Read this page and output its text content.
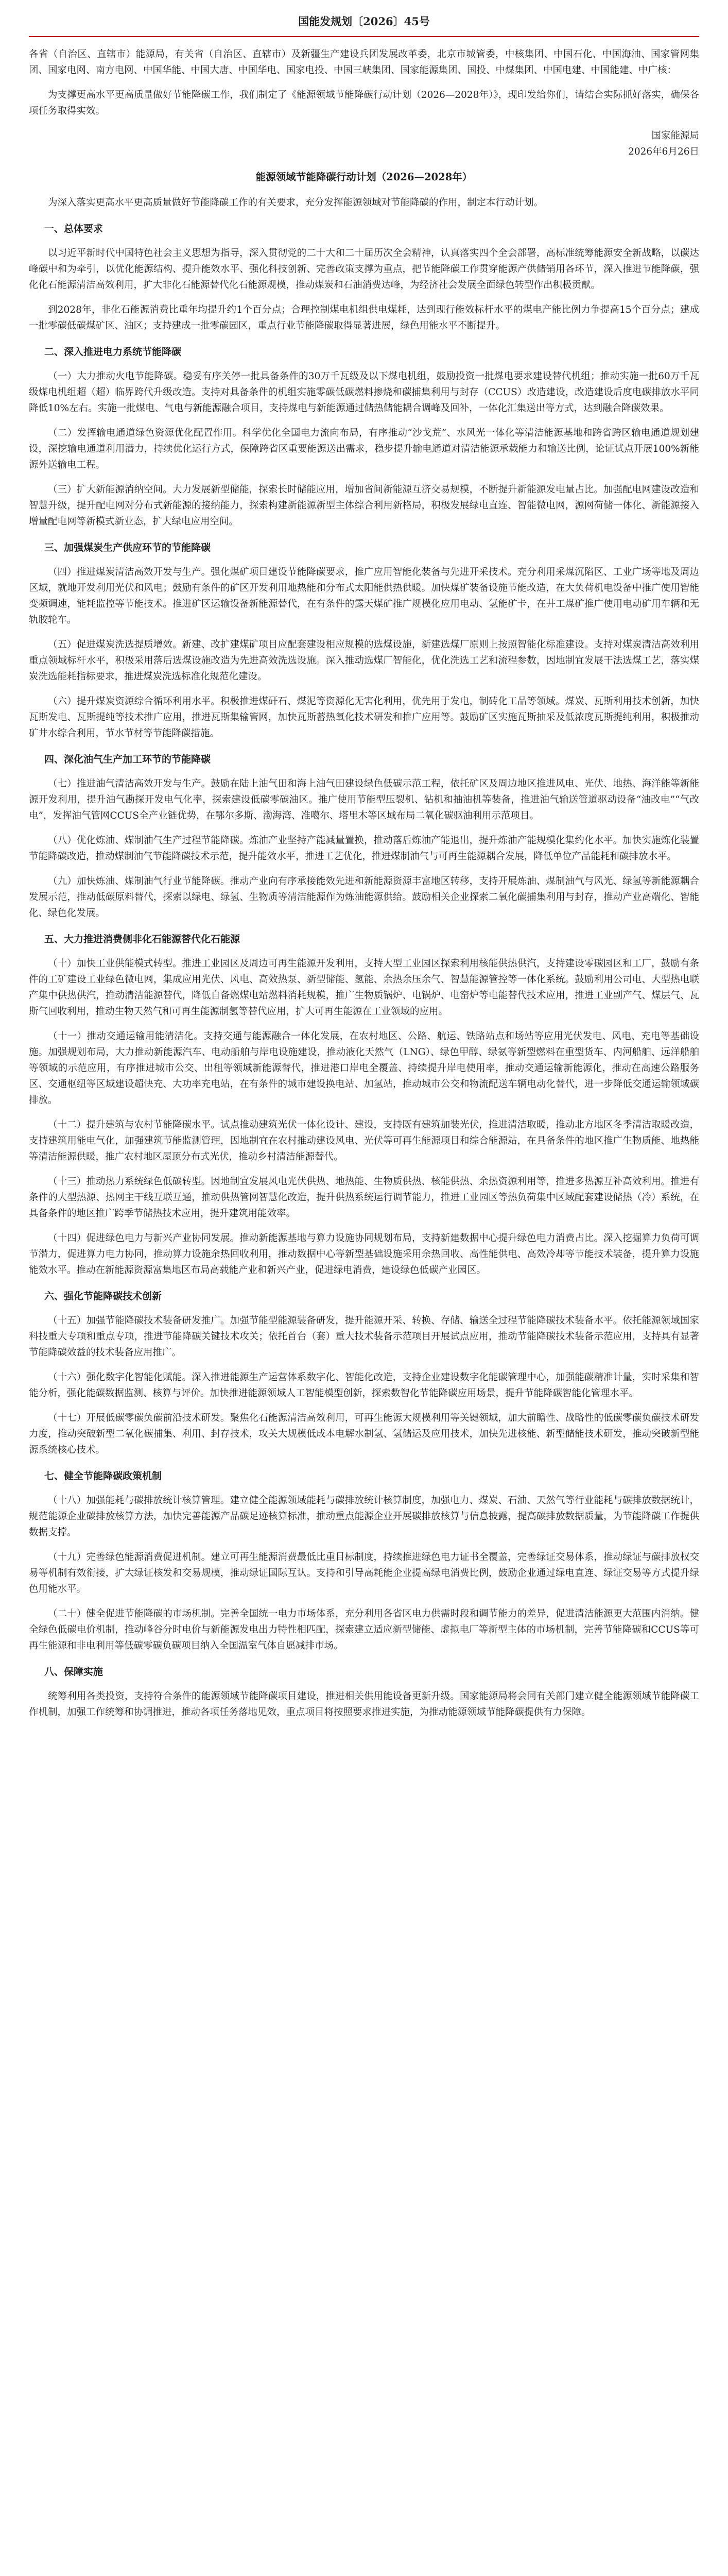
国能发规划〔2026〕45号

各省（自治区、直辖市）能源局，有关省（自治区、直辖市）及新疆生产建设兵团发展改革委，北京市城管委，中核集团、中国石化、中国海油、国家管网集团、国家电网、南方电网、中国华能、中国大唐、中国华电、国家电投、中国三峡集团、国家能源集团、国投、中煤集团、中国电建、中国能建、中广核：

为支撑更高水平更高质量做好节能降碳工作，我们制定了《能源领域节能降碳行动计划（2026—2028年）》，现印发给你们，请结合实际抓好落实，确保各项任务取得实效。

国家能源局

2026年6月26日

能源领域节能降碳行动计划（2026—2028年）

为深入落实更高水平更高质量做好节能降碳工作的有关要求，充分发挥能源领域对节能降碳的作用，制定本行动计划。

一、总体要求

以习近平新时代中国特色社会主义思想为指导，深入贯彻党的二十大和二十届历次全会精神，认真落实四个全会部署，高标准统筹能源安全新战略，以碳达峰碳中和为牵引，以优化能源结构、提升能效水平、强化科技创新、完善政策支撑为重点，把节能降碳工作贯穿能源产供储销用各环节，深入推进节能降碳，强化化石能源清洁高效利用，扩大非化石能源替代化石能源规模，推动煤炭和石油消费达峰，为经济社会发展全面绿色转型作出积极贡献。

到2028年，非化石能源消费比重年均提升约1个百分点；合理控制煤电机组供电煤耗，达到现行能效标杆水平的煤电产能比例力争提高15个百分点；建成一批零碳低碳煤矿区、油区；支持建成一批零碳园区，重点行业节能降碳取得显著进展，绿色用能水平不断提升。

二、深入推进电力系统节能降碳

（一）大力推动火电节能降碳。稳妥有序关停一批具备条件的30万千瓦级及以下煤电机组，鼓励投资一批煤电要求建设替代机组；推动实施一批60万千瓦级煤电机组超（超）临界跨代升级改造。支持对具备条件的机组实施零碳低碳燃料掺烧和碳捕集利用与封存（CCUS）改造建设，改造建设后度电碳排放水平同降低10%左右。实施一批煤电、气电与新能源融合项目，支持煤电与新能源通过储热储能耦合调峰及回补，一体化汇集送出等方式，达到融合降碳效果。

（二）发挥输电通道绿色资源优化配置作用。科学优化全国电力流向布局，有序推动“沙戈荒”、水风光一体化等清洁能源基地和跨省跨区输电通道规划建设，深挖输电通道利用潜力，持续优化运行方式，保障跨省区重要能源送出需求，稳步提升输电通道对清洁能源承载能力和输送比例，论证试点开展100%新能源外送输电工程。

（三）扩大新能源消纳空间。大力发展新型储能，探索长时储能应用，增加省间新能源互济交易规模，不断提升新能源发电量占比。加强配电网建设改造和智慧升级，提升配电网对分布式新能源的接纳能力，探索构建新能源新型主体综合利用新格局，积极发展绿电直连、智能微电网，源网荷储一体化、新能源接入增量配电网等新模式新业态，扩大绿电应用空间。

三、加强煤炭生产供应环节的节能降碳

（四）推进煤炭清洁高效开发与生产。强化煤矿项目建设节能降碳要求，推广应用智能化装备与先进开采技术。充分利用采煤沉陷区、工业广场等地及周边区域，就地开发利用光伏和风电；鼓励有条件的矿区开发利用地热能和分布式太阳能供热供暖。加快煤矿装备设施节能改造，在大负荷机电设备中推广使用智能变频调速，能耗监控等节能技术。推进矿区运输设备新能源替代，在有条件的露天煤矿推广规模化应用电动、氢能矿卡，在井工煤矿推广使用电动矿用车辆和无轨胶轮车。

（五）促进煤炭洗选提质增效。新建、改扩建煤矿项目应配套建设相应规模的选煤设施，新建选煤厂原则上按照智能化标准建设。支持对煤炭清洁高效利用重点领域标杆水平，积极采用落后选煤设施改造为先进高效洗选设施。深入推动选煤厂智能化，优化洗选工艺和流程参数，因地制宜发展干法选煤工艺，落实煤炭洗选能耗指标要求，推进煤炭洗选标准化规范化建设。

（六）提升煤炭资源综合循环利用水平。积极推进煤矸石、煤泥等资源化无害化利用，优先用于发电，制砖化工品等领域。煤炭、瓦斯利用技术创新，加快瓦斯发电、瓦斯提纯等技术推广应用，推进瓦斯集输管网，加快瓦斯蓄热氧化技术研发和推广应用等。鼓励矿区实施瓦斯抽采及低浓度瓦斯提纯利用，积极推动矿井水综合利用，节水节材等节能降碳措施。

四、深化油气生产加工环节的节能降碳

（七）推进油气清洁高效开发与生产。鼓励在陆上油气田和海上油气田建设绿色低碳示范工程，依托矿区及周边地区推进风电、光伏、地热、海洋能等新能源开发利用，提升油气勘探开发电气化率，探索建设低碳零碳油区。推广使用节能型压裂机、钻机和抽油机等装备，推进油气输送管道驱动设备“油改电”“气改电”，发挥油气管网CCUS全产业链优势，在鄂尔多斯、渤海湾、准噶尔、塔里木等区域布局二氧化碳驱油利用示范项目。

（八）优化炼油、煤制油气生产过程节能降碳。炼油产业坚持产能减量置换，推动落后炼油产能退出，提升炼油产能规模化集约化水平。加快实施炼化装置节能降碳改造，推动煤制油气节能降碳技术示范，提升能效水平，推进工艺优化，推进煤制油气与可再生能源耦合发展，降低单位产品能耗和碳排放水平。

（九）加快炼油、煤制油气行业节能降碳。推动产业向有序承接能效先进和新能源资源丰富地区转移，支持开展炼油、煤制油气与风光、绿氢等新能源耦合发展示范，推动低碳原料替代，探索以绿电、绿氢、生物质等清洁能源作为炼油能源供给。鼓励相关企业探索二氧化碳捕集利用与封存，推动产业高端化、智能化、绿色化发展。

五、大力推进消费侧非化石能源替代化石能源

（十）加快工业供能模式转型。推进工业园区及周边可再生能源开发利用，支持大型工业园区探索利用核能供热供汽，支持建设零碳园区和工厂，鼓励有条件的工矿建设工业绿色微电网，集成应用光伏、风电、高效热泵、新型储能、氢能、余热余压余气、智慧能源管控等一体化系统。鼓励利用公司电、大型热电联产集中供热供汽，推动清洁能源替代，降低自备燃煤电站燃料消耗规模，推广生物质锅炉、电锅炉、电窑炉等电能替代技术应用，推进工业副产气、煤层气、瓦斯气回收利用，推动生物天然气和可再生能源制氢等替代应用，扩大可再生能源在工业领域的应用。

（十一）推动交通运输用能清洁化。支持交通与能源融合一体化发展，在农村地区、公路、航运、铁路站点和场站等应用光伏发电、风电、充电等基础设施。加强规划布局，大力推动新能源汽车、电动船舶与岸电设施建设，推动液化天然气（LNG）、绿色甲醇、绿氨等新型燃料在重型货车、内河船舶、远洋船舶等领域的示范应用，有序推进城市公交、出租等领域新能源替代，推进港口岸电全覆盖、持续提升岸电使用率，推动交通运输新能源化，推动在高速公路服务区、交通枢纽等区域建设超快充、大功率充电站，在有条件的城市建设换电站、加氢站，推动城市公交和物流配送车辆电动化替代，进一步降低交通运输领域碳排放。

（十二）提升建筑与农村节能降碳水平。试点推动建筑光伏一体化设计、建设，支持既有建筑加装光伏，推进清洁取暖，推动北方地区冬季清洁取暖改造，支持建筑用能电气化，加强建筑节能监测管理，因地制宜在农村推动建设风电、光伏等可再生能源项目和综合能源站，在具备条件的地区推广生物质能、地热能等清洁能源供暖，推广农村地区屋顶分布式光伏，推动乡村清洁能源替代。

（十三）推动热力系统绿色低碳转型。因地制宜发展风电光伏供热、地热能、生物质供热、核能供热、余热资源利用等，推进多热源互补高效利用。推进有条件的大型热源、热网主干线互联互通，推动供热管网智慧化改造，提升供热系统运行调节能力，推进工业园区等热负荷集中区域配套建设储热（冷）系统，在具备条件的地区推广跨季节储热技术应用，提升建筑用能效率。

（十四）促进绿色电力与新兴产业协同发展。推动新能源基地与算力设施协同规划布局，支持新建数据中心提升绿色电力消费占比。深入挖掘算力负荷可调节潜力，促进算力电力协同，推动算力设施余热回收利用，推动数据中心等新型基础设施采用余热回收、高性能供电、高效冷却等节能技术装备，提升算力设施能效水平。推动在新能源资源富集地区布局高载能产业和新兴产业，促进绿电消费，建设绿色低碳产业园区。

六、强化节能降碳技术创新

（十五）加强节能降碳技术装备研发推广。加强节能型能源装备研发，提升能源开采、转换、存储、输送全过程节能降碳技术装备水平。依托能源领域国家科技重大专项和重点专项，推进节能降碳关键技术攻关；依托首台（套）重大技术装备示范项目开展试点应用，推动节能降碳技术装备示范应用，支持具有显著节能降碳效益的技术装备应用推广。

（十六）强化数字化智能化赋能。深入推进能源生产运营体系数字化、智能化改造，支持企业建设数字化能碳管理中心，加强能碳精准计量，实时采集和智能分析，强化能碳数据监测、核算与评价。加快推进能源领域人工智能模型创新，探索数智化节能降碳应用场景，提升节能降碳智能化管理水平。

（十七）开展低碳零碳负碳前沿技术研发。聚焦化石能源清洁高效利用，可再生能源大规模利用等关键领域，加大前瞻性、战略性的低碳零碳负碳技术研发力度，推动突破新型二氧化碳捕集、利用、封存技术，攻关大规模低成本电解水制氢、氢储运及应用技术，加快先进核能、新型储能技术研发，推动突破新型能源系统核心技术。

七、健全节能降碳政策机制

（十八）加强能耗与碳排放统计核算管理。建立健全能源领域能耗与碳排放统计核算制度，加强电力、煤炭、石油、天然气等行业能耗与碳排放数据统计，规范能源企业碳排放核算方法，加快完善能源产品碳足迹核算标准，推动重点能源企业开展碳排放核算与信息披露，提高碳排放数据质量，为节能降碳工作提供数据支撑。

（十九）完善绿色能源消费促进机制。建立可再生能源消费最低比重目标制度，持续推进绿色电力证书全覆盖，完善绿证交易体系，推动绿证与碳排放权交易等机制有效衔接，扩大绿证核发和交易规模，推动绿证国际互认。支持和引导高耗能企业提高绿电消费比例，鼓励企业通过绿电直连、绿证交易等方式提升绿色用能水平。

（二十）健全促进节能降碳的市场机制。完善全国统一电力市场体系，充分利用各省区电力供需时段和调节能力的差异，促进清洁能源更大范围内消纳。健全绿色低碳电价机制，推动峰谷分时电价与新能源发电出力特性相匹配，探索建立适应新型储能、虚拟电厂等新型主体的市场机制，完善节能降碳和CCUS等可再生能源和非电利用等低碳零碳负碳项目纳入全国温室气体自愿减排市场。

八、保障实施

统筹利用各类投资，支持符合条件的能源领域节能降碳项目建设，推进相关供用能设备更新升级。国家能源局将会同有关部门建立健全能源领域节能降碳工作机制，加强工作统筹和协调推进，推动各项任务落地见效，重点项目将按照要求推进实施，为推动能源领域节能降碳提供有力保障。
